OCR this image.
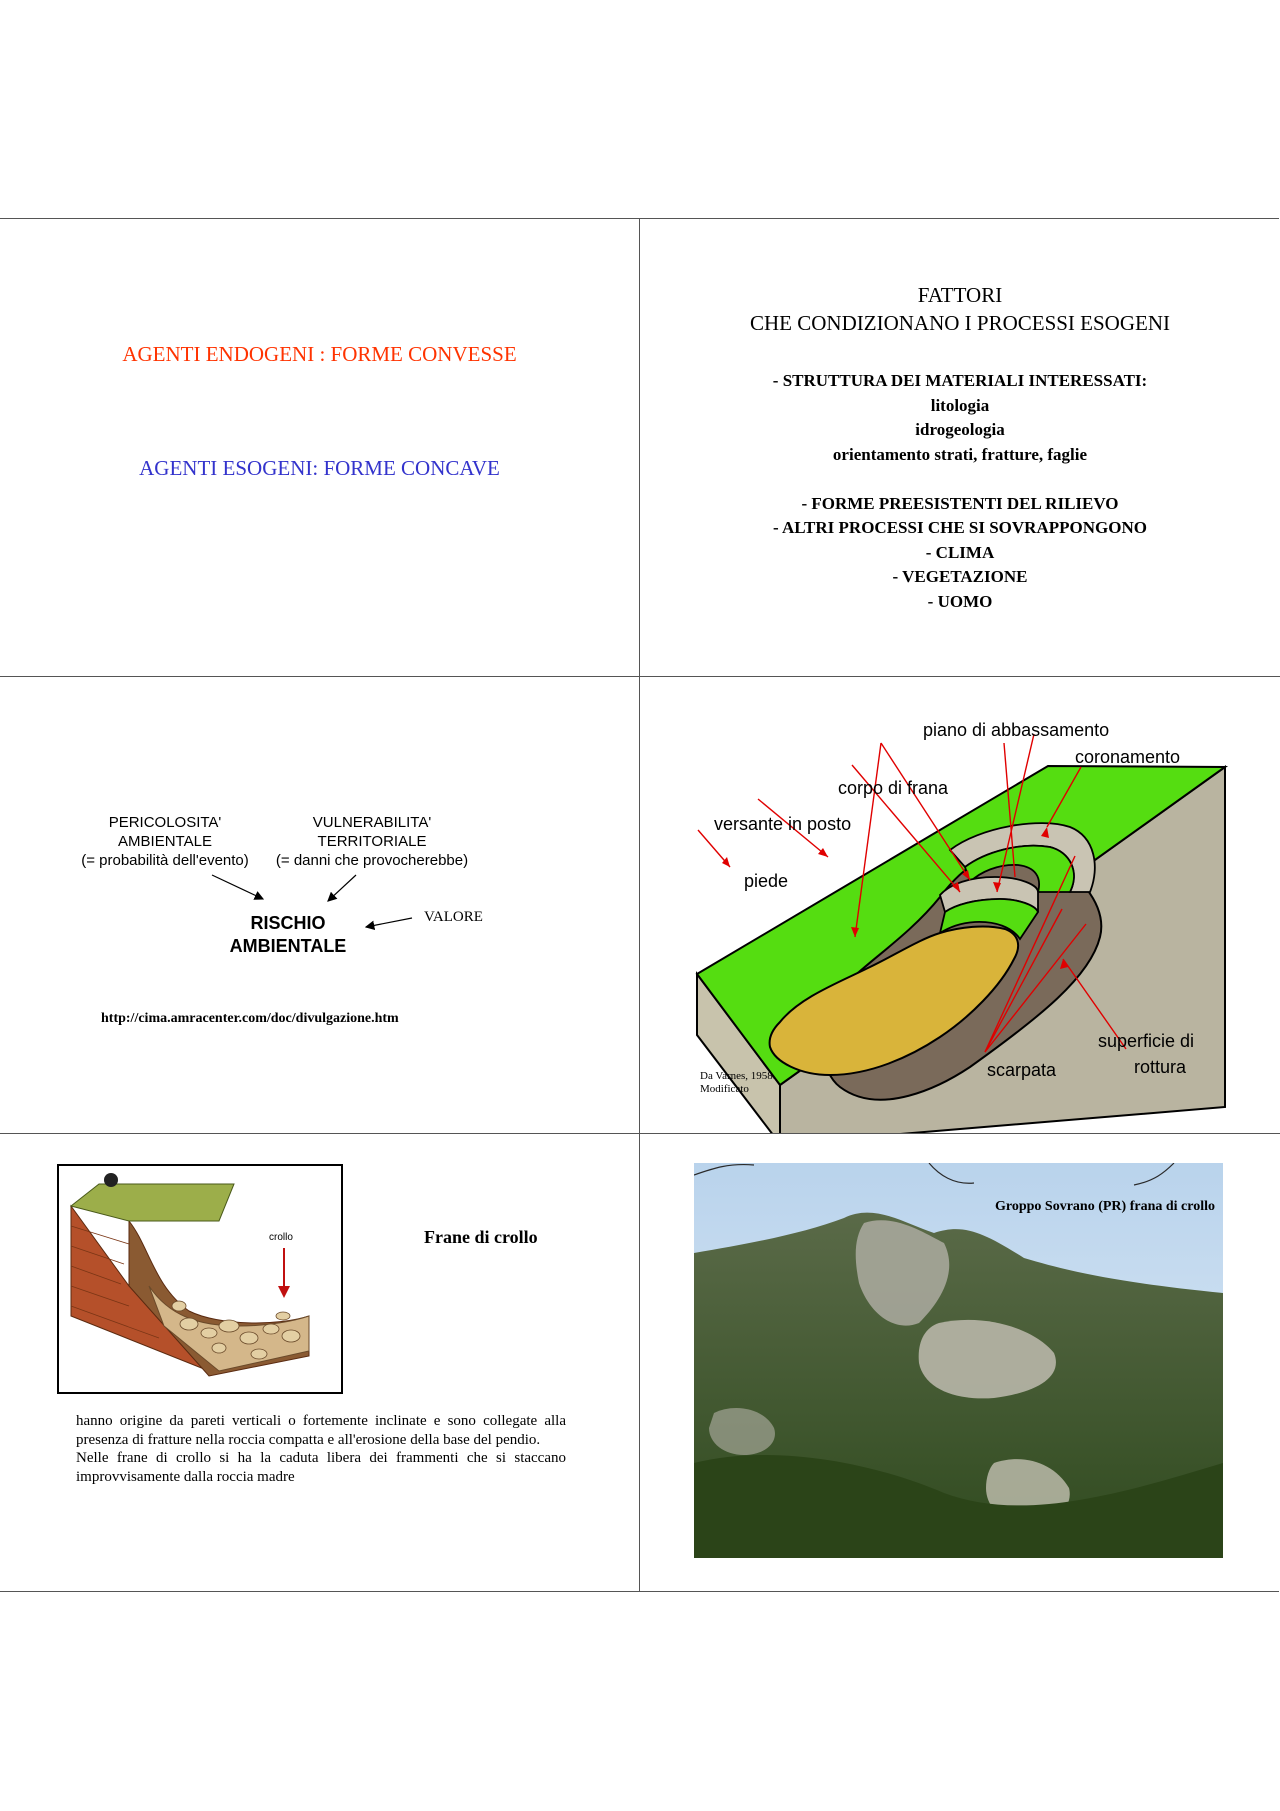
AGENTI ENDOGENI : FORME CONVESSE
AGENTI ESOGENI: FORME CONCAVE
FATTORI
CHE CONDIZIONANO I PROCESSI ESOGENI
- STRUTTURA DEI MATERIALI INTERESSATI:
litologia
idrogeologia
orientamento strati, fratture, faglie
- FORME PREESISTENTI DEL RILIEVO
- ALTRI PROCESSI CHE SI SOVRAPPONGONO
- CLIMA
- VEGETAZIONE
- UOMO
PERICOLOSITA'
AMBIENTALE
(= probabilità dell'evento)
VULNERABILITA'
TERRITORIALE
(= danni che provocherebbe)
RISCHIO
AMBIENTALE
VALORE
http://cima.amracenter.com/doc/divulgazione.htm
piano di abbassamento
coronamento
corpo di frana
versante in posto
piede
superficie di
rottura
scarpata
Da Varnes, 1958.
Modificato
crollo	Frane di crollo
hanno origine da pareti verticali o fortemente inclinate e sono collegate alla presenza di fratture nella roccia compatta e all'erosione della base del pendio.
Nelle frane di crollo si ha la caduta libera dei frammenti che si staccano improvvisamente dalla roccia madre
Groppo Sovrano (PR) frana di crollo
